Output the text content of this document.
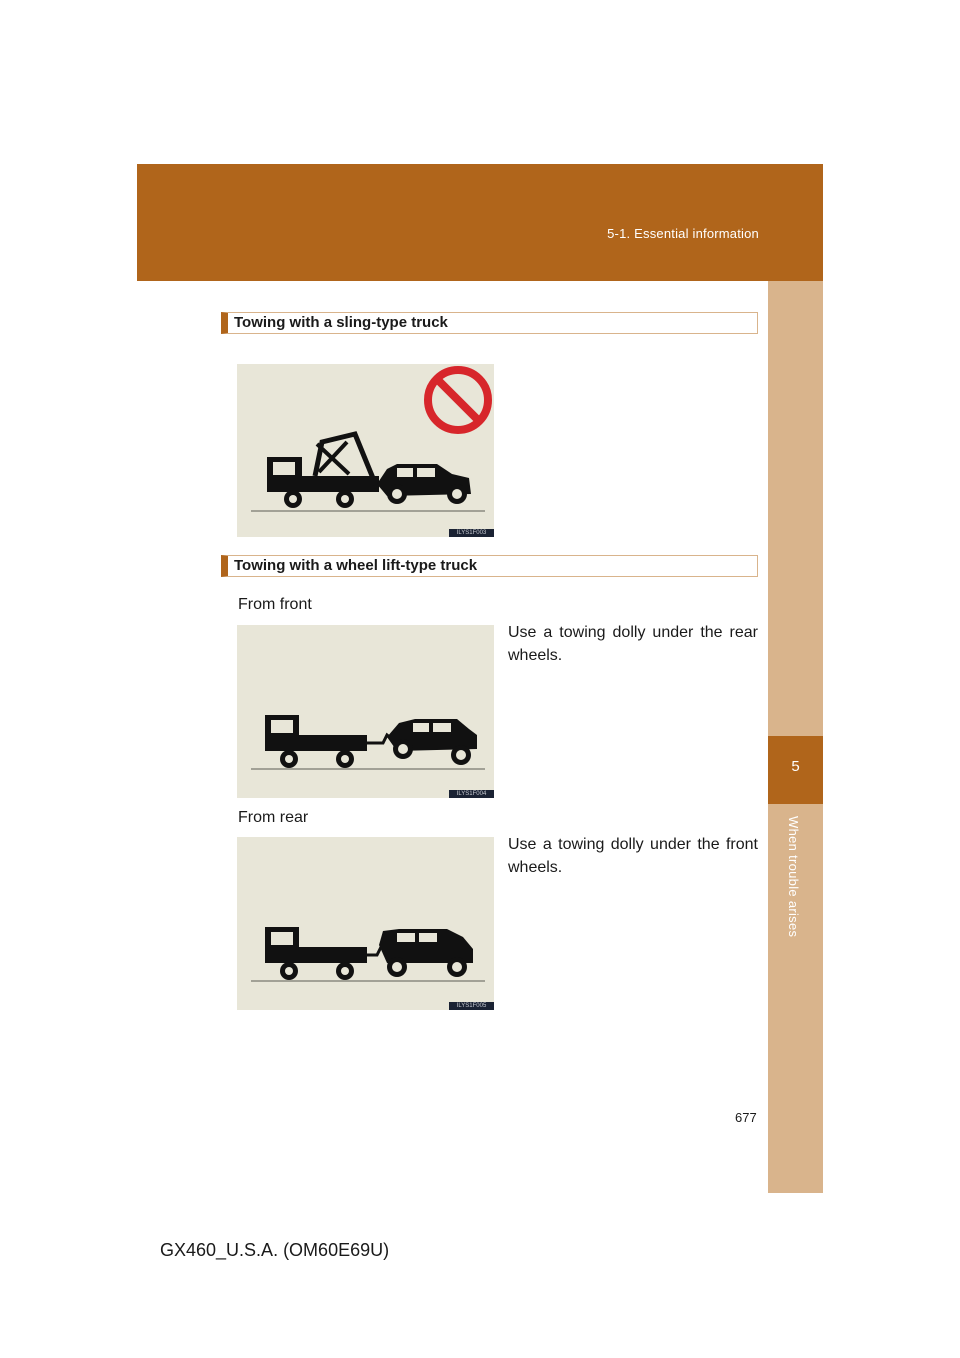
5-1. Essential information
5
When trouble arises
Towing with a sling-type truck
ILYS1F003
Towing with a wheel lift-type truck
From front
Use a towing dolly under the rear wheels.
ILYS1F004
From rear
Use a towing dolly under the front wheels.
ILYS1F005
677
GX460_U.S.A. (OM60E69U)
